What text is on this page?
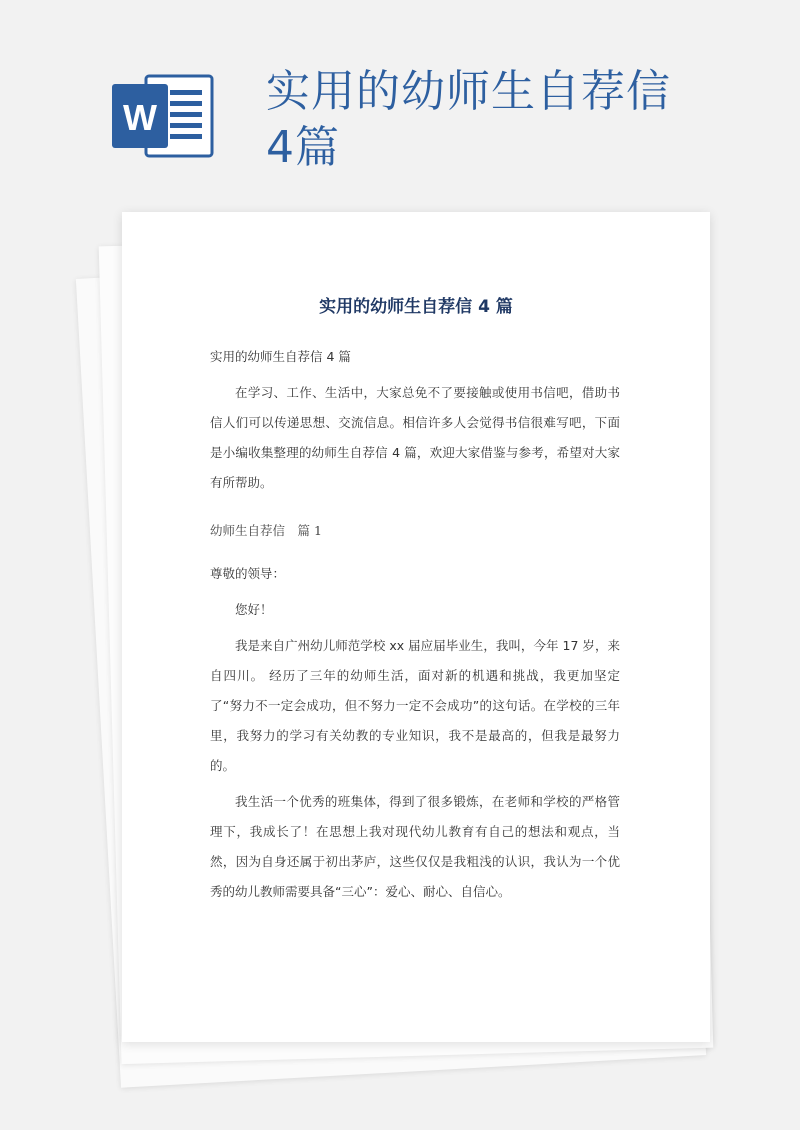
W
实用的幼师生自荐信4篇
实用的幼师生自荐信 4 篇

实用的幼师生自荐信 4 篇

在学习、工作、生活中，大家总免不了要接触或使用书信吧，借助书信人们可以传递思想、交流信息。相信许多人会觉得书信很难写吧，下面是小编收集整理的幼师生自荐信 4 篇，欢迎大家借鉴与参考，希望对大家有所帮助。

幼师生自荐信　篇 1

尊敬的领导：

您好！

我是来自广州幼儿师范学校 xx 届应届毕业生，我叫，今年 17 岁，来自四川。 经历了三年的幼师生活，面对新的机遇和挑战，我更加坚定了“努力不一定会成功，但不努力一定不会成功”的这句话。在学校的三年里，我努力的学习有关幼教的专业知识，我不是最高的，但我是最努力的。

我生活一个优秀的班集体，得到了很多锻炼，在老师和学校的严格管理下，我成长了！在思想上我对现代幼儿教育有自己的想法和观点，当然，因为自身还属于初出茅庐，这些仅仅是我粗浅的认识，我认为一个优秀的幼儿教师需要具备“三心”：爱心、耐心、自信心。
